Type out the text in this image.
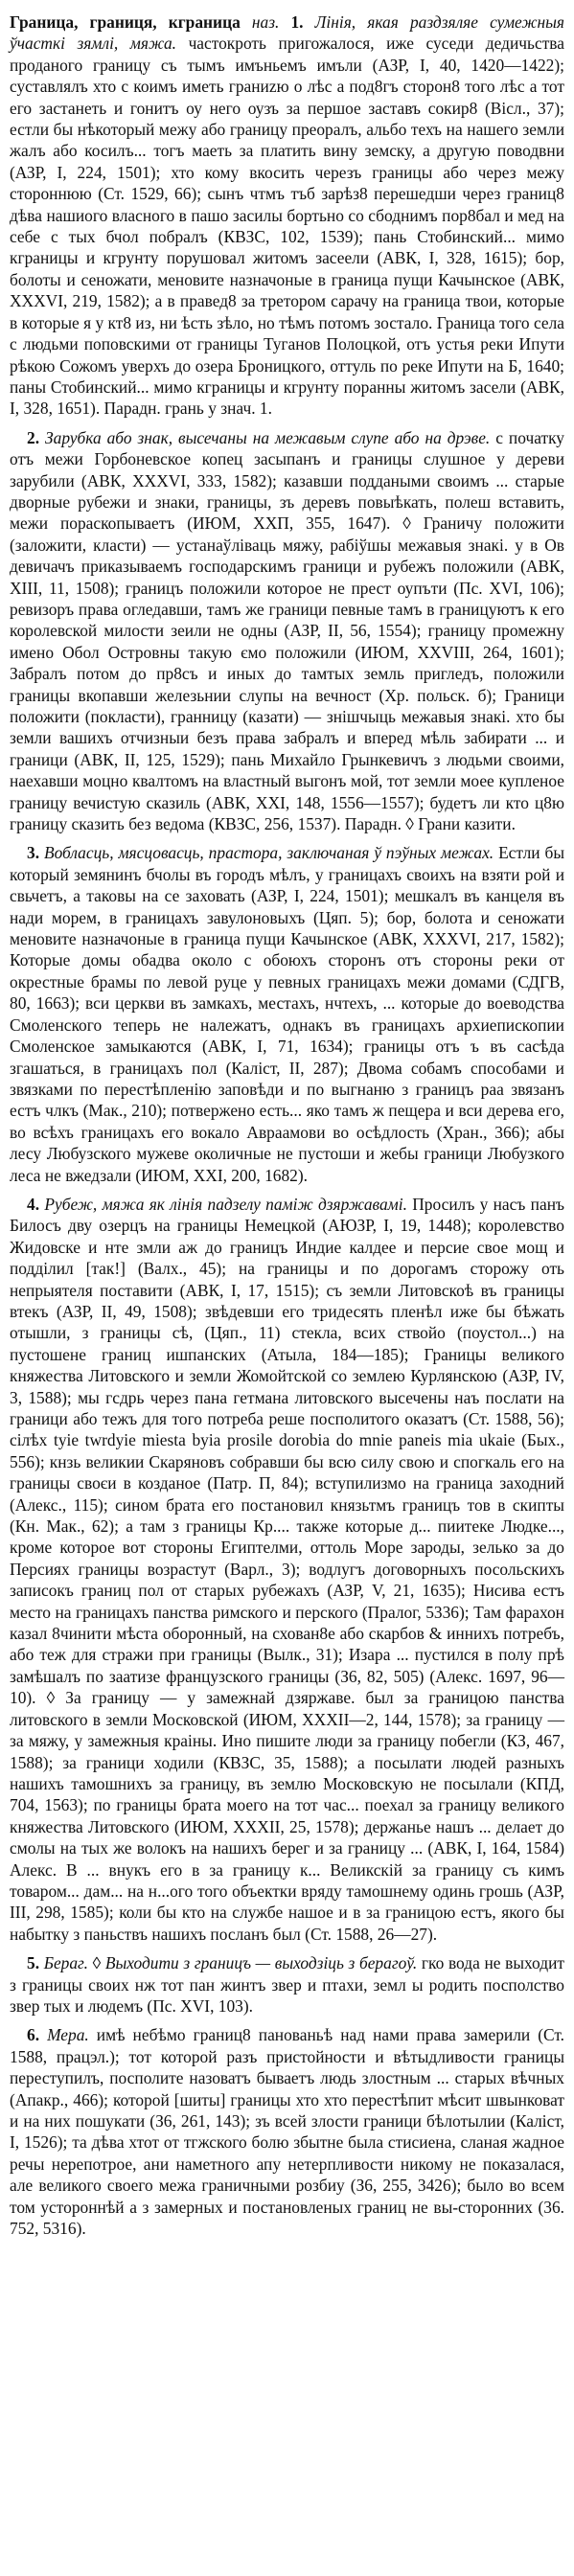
Граница, границя, кграница наз. 1. Лінія, якая раздзяляе сумежныя ўчасткі зямлі, мяжа. частокроть пригожалося, иже суседи дедичьства проданого границу съ тымъ имъньемъ имъли (АЗР, І, 40, 1420—1422); суставлялъ хто с коимъ иметь граниzю о лѣс а под8гъ сторон8 того лѣс а тот его застанеть и гонитъ оу него оузъ за першое заставъ сокир8 (Вісл., 37); естли бы нѣкоторый межу або границу преоралъ, альбо техъ на нашего земли жалъ або косилъ... тогъ маеть за платить вину земску, а другую поводвни (АЗР, І, 224, 1501); хто кому вкосить черезъ границы або через межу стороннюю (Ст. 1529, 66); сынъ чтмъ тъб зарѣз8 перешедши через границ8 дѣва нашиого власного в пашо засилы бортьно со сбоднимъ пор8бал и мед на себе с тых бчол побралъ (КВЗС, 102, 1539); пань Стобинский... мимо кграницы и кгрунту порушовал житомъ засеели (АВК, І, 328, 1615); бор, болоты и сеножати, меновите назначоные в граница пущи Качынское (АВК, XXXVI, 219, 1582); а в правед8 за третором сарачу на граница твои, которые в которые я у кт8 из, ни ѣсть зѣло, но тѣмъ потомъ зостало. Граница того села с людьми поповскими от границы Туганов Полоцкой, отъ устья реки Ипути рѣкою Сожомъ уверхъ до озера Броницкого, оттуль по реке Ипути на Б, 1640; паны Стобинский... мимо кграницы и кгрунту поранны житомъ засели (АВК, І, 328, 1651). Парадн. грань у знач. 1.

2. Зарубка або знак, высечаны на межавым слупе або на дрэве. с початку отъ межи Горбоневское копец засыпанъ и границы слушное у дереви зарубили (АВК, XXXVI, 333, 1582); казавши поддаными своимъ ... старые дворные рубежи и знаки, границы, зъ деревъ повыѣкать, полеш вставить, межи пораскопываетъ (ИЮМ, ХХП, 355, 1647). ◊ Граничу положити (заложити, класти) — устанаўліваць мяжу, рабіўшы межавыя знакі. у в Ов девичачъ приказываемъ господарскимъ граници и рубежъ положили (АВК, ХІІІ, 11, 1508); границъ положили которое не прест оупъти (Пс. XVI, 106); ревизоръ права огледавши, тамъ же граници певные тамъ в границуютъ к его королевской милости зеили не одны (АЗР, ІІ, 56, 1554); границу промежну имено Обол Островны такую ємо положили (ИЮМ, ХХVІІІ, 264, 1601); Забралъ потом до пр8съ и иных до тамтых земль пригледъ, положили границы вкопавши железьнии слупы на вечност (Хр. польск. б); Граници положити (покласти), гранницу (казати) — знішчыць межавыя знакі. хто бы земли вашихъ отчизныи безъ права забралъ и вперед мѣль забирати ... и граници (АВК, II, 125, 1529); пань Михайло Грынкевичъ з людьми своими, наехавши моцно квалтомъ на властный выгонъ мой, тот земли моее купленое границу вечистую сказиль (АВК, ХХІ, 148, 1556—1557); будетъ ли кто ц8ю границу сказить без ведома (КВЗС, 256, 1537). Парадн. ◊ Грани казити.

3. Вобласць, мясцовасць, прастора, заключаная ў пэўных межах. Естли бы который земянинъ бчолы въ городъ мѣлъ, у границахъ своихъ на взяти рой и свьчетъ, а таковы на се заховать (АЗР, І, 224, 1501); мешкалъ въ канцеля въ нади морем, в границахъ завулоновыхъ (Цяп. 5); бор, болота и сеножати меновите назначоные в граница пущи Качынское (АВК, ХХХVІ, 217, 1582); Которые домы обадва около с обоюхъ сторонъ отъ стороны реки от окрестные брамы по левой руце у певных границахъ межи домами (СДГВ, 80, 1663); вси церкви въ замкахъ, местахъ, нчтехъ, ... которые до воеводства Смоленского теперь не належатъ, однакъ въ границахъ архиепископии Смоленское замыкаются (АВК, І, 71, 1634); границы отъ ъ въ сасѣда згашаться, в границахъ пол (Каліст, ІІ, 287); Двома собамъ способами и звязками по перестѣпленію заповѣди и по выгнаню з границъ раа звязанъ естъ члкъ (Мак., 210); потвержено есть... яко тамъ ж пещера и вси дерева его, во всѣхъ границахъ его вокало Авраамови во осѣдлость (Хран., 366); абы лесу Любузского мужеве околичные не пустоши и жебы граници Любузкого леса не вжедзали (ИЮМ, ХХІ, 200, 1682).

4. Рубеж, мяжа як лінія падзелу паміж дзяржавамі. Просилъ у насъ панъ Билосъ дву озерцъ на границы Немецкой (АЮЗР, І, 19, 1448); королевство Жидовске и нте змли аж до границъ Индие калдее и персие свое мощ и подділил [так!] (Валх., 45); на границы и по дорогамъ сторожу оть непрыятеля поставити (АВК, І, 17, 1515); съ земли Литовскоѣ въ границы втекъ (АЗР, ІІ, 49, 1508); звѣдевши его тридесять пленѣл иже бы бѣжать отышли, з границы сѣ, (Цяп., 11) стекла, всих ствойо (поустол...) на пустошене границ ишпанских (Атыла, 184—185); Границы великого княжества Литовского и земли Жомойтской со землею Курлянскою (АЗР, ІV, 3, 1588); мы гсдрь через пана гетмана литовского высечены наъ послати на граници або тежъ для того потреба реше посполитого оказатъ (Ст. 1588, 56); сілѣх tyie twrdyie miesta byia prosile dorobia do mnie paneis mia ukaie (Бых., 556); кнзь великии Скаряновъ собравши бы всю силу свою и спогкаль его на границы своєи в козданое (Патр. П, 84); вступилизмо на граница заходний (Алекс., 115); сином брата его постановил князьтмъ границъ тов в скипты (Кн. Мак., 62); а там з границы Кр.... также которые д... пиитеке Людке..., кроме которое вот стороны Египтелми, оттоль Море зароды, зелько за до Персиях границы возрастут (Варл., 3); водлугъ договорныхъ посольскихъ записокъ границ пол от старых рубежахъ (АЗР, V, 21, 1635); Нисива естъ место на границахъ панства римского и перского (Пралог, 5336); Там фарахон казал 8чинити мѣста оборонный, на схован8е або скарбов & иннихъ потребъ, або теж для стражи при границы (Вылк., 31); Изара ... пустился в полу прѣ замѣшалъ по заатизе французского границы (З6, 82, 505) (Алекс. 1697, 96—10). ◊ За границу — у замежнай дзяржаве. был за границою панства литовского в земли Московской (ИЮМ, XXXII—2, 144, 1578); за границу — за мяжу, у замежныя краіны. Ино пишите люди за границу побегли (КЗ, 467, 1588); за граници ходили (КВЗС, 35, 1588); а посылати людей разныхъ нашихъ тамошнихъ за границу, въ землю Московскую не посылали (КПД, 704, 1563); по границы брата моего на тот час... поехал за границу великого княжества Литовского (ИЮМ, ХХХІІ, 25, 1578); держанье нашъ ... делает до смолы на тых же волокъ на нашихъ берег и за границу ... (АВК, І, 164, 1584) Алекс. В ... внукъ его в за границу к... Великскій за границу съ кимъ товаром... дам... на н...ого того объектки вряду тамошнему одинь грошь (АЗР, ІІІ, 298, 1585); коли бы кто на службе нашое и в за границою естъ, якого бы набытку з паньствъ нашихъ посланъ был (Ст. 1588, 26—27).

5. Бераг. ◊ Выходити з границъ — выходзіць з берагоў. гко вода не выходит з границы своих нж тот пан жинтъ звер и птахи, земл ы родить посполство звер тых и людемъ (Пс. XVI, 103).

6. Мера. имѣ небѣмо границ8 панованьѣ над нами права замерили (Ст. 1588, працэл.); тот которой разъ пристойности и вѣтыдливости границы переступилъ, посполите назоватъ бываетъ людь злостным ... старых вѣчных (Апакр., 466); которой [шиты] границы хто хто перестѣпит мѣсит швынковат и на них пошукати (З6, 261, 143); зъ всей злости граници бѣлотылии (Каліст, І, 1526); та дѣва хтот от тгжского болю збытне была стисиена, сланая жадное речы нерепотрое, ани наметного апу нетерпливости никому не показалася, але великого своего межа граничными розбиу (З6, 255, 3426); было во всем том устороннѣй а з замерных и постановленых границ не вы-сторонних (36. 752, 5316).
